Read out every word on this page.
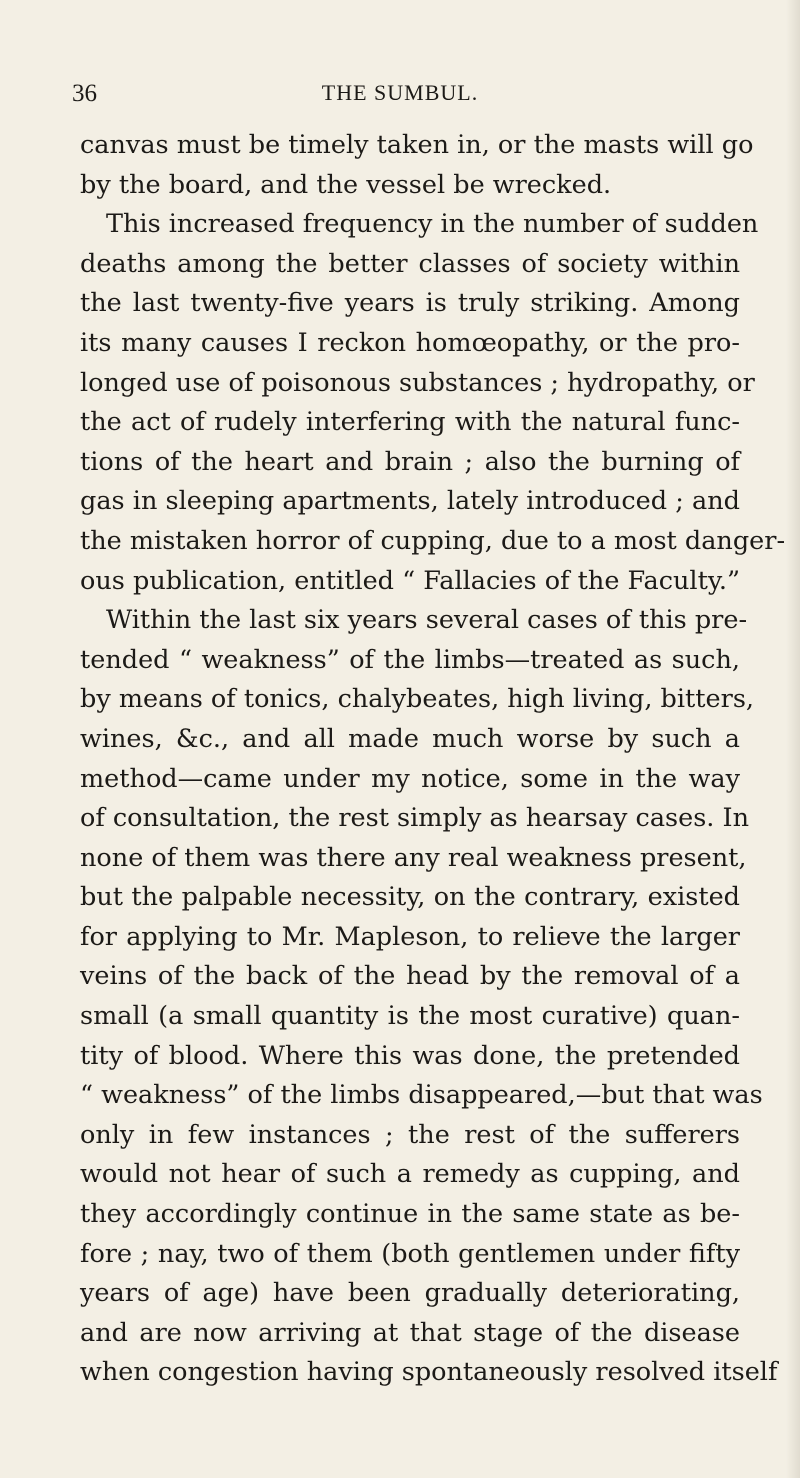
36	THE SUMBUL.
canvas must be timely taken in, or the masts will go
by the board, and the vessel be wrecked.
This increased frequency in the number of sudden
deaths among the better classes of society within
the last twenty-five years is truly striking. Among
its many causes I reckon homœopathy, or the pro-
longed use of poisonous substances ; hydropathy, or
the act of rudely interfering with the natural func-
tions of the heart and brain ; also the burning of
gas in sleeping apartments, lately introduced ; and
the mistaken horror of cupping, due to a most danger-
ous publication, entitled “ Fallacies of the Faculty.”
Within the last six years several cases of this pre-
tended “ weakness” of the limbs—treated as such,
by means of tonics, chalybeates, high living, bitters,
wines, &c., and all made much worse by such a
method—came under my notice, some in the way
of consultation, the rest simply as hearsay cases. In
none of them was there any real weakness present,
but the palpable necessity, on the contrary, existed
for applying to Mr. Mapleson, to relieve the larger
veins of the back of the head by the removal of a
small (a small quantity is the most curative) quan-
tity of blood. Where this was done, the pretended
“ weakness” of the limbs disappeared,—but that was
only in few instances ; the rest of the sufferers
would not hear of such a remedy as cupping, and
they accordingly continue in the same state as be-
fore ; nay, two of them (both gentlemen under fifty
years of age) have been gradually deteriorating,
and are now arriving at that stage of the disease
when congestion having spontaneously resolved itself
